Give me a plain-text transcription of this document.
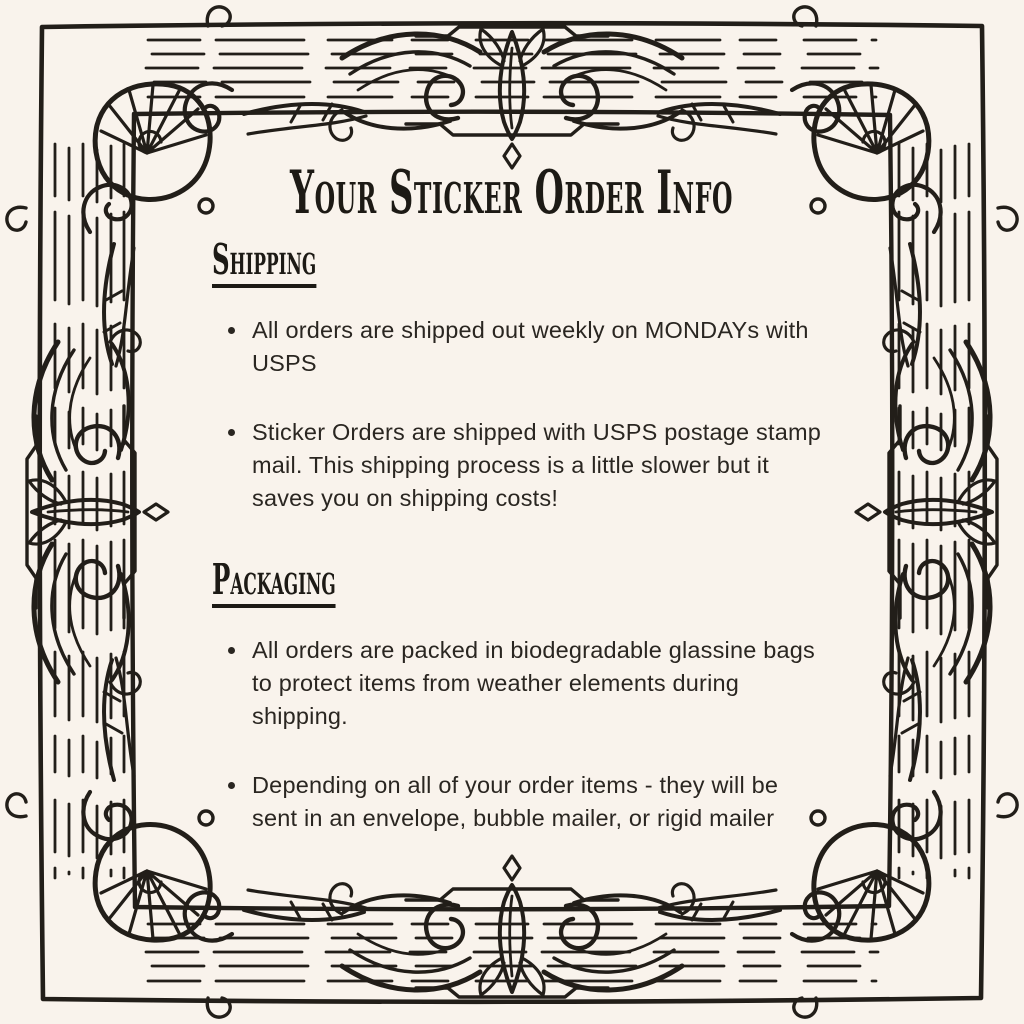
Your Sticker Order Info
Shipping
All orders are shipped out weekly on MONDAYs with USPS
Sticker Orders are shipped with USPS postage stamp mail. This shipping process is a little slower but it saves you on shipping costs!
Packaging
All orders are packed in biodegradable glassine bags to protect items from weather elements during shipping.
Depending on all of your order items - they will be sent in an envelope, bubble mailer, or rigid mailer
